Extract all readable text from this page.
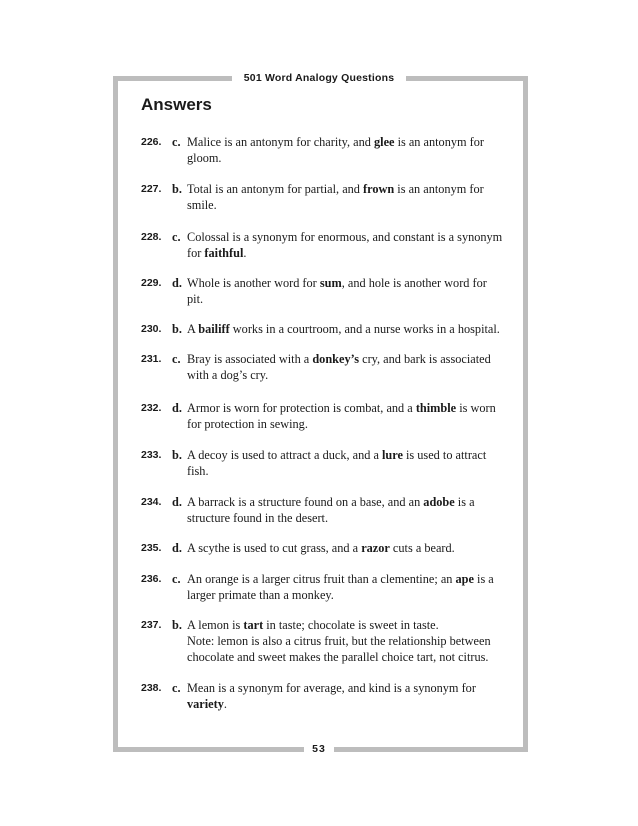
501 Word Analogy Questions
Answers
226. c. Malice is an antonym for charity, and glee is an antonym for
gloom.
227. b. Total is an antonym for partial, and frown is an antonym for
smile.
228. c. Colossal is a synonym for enormous, and constant is a synonym
for faithful.
229. d. Whole is another word for sum, and hole is another word for
pit.
230. b. A bailiff works in a courtroom, and a nurse works in a hospital.
231. c. Bray is associated with a donkey’s cry, and bark is associated
with a dog’s cry.
232. d. Armor is worn for protection is combat, and a thimble is worn
for protection in sewing.
233. b. A decoy is used to attract a duck, and a lure is used to attract
fish.
234. d. A barrack is a structure found on a base, and an adobe is a
structure found in the desert.
235. d. A scythe is used to cut grass, and a razor cuts a beard.
236. c. An orange is a larger citrus fruit than a clementine; an ape is a
larger primate than a monkey.
237. b. A lemon is tart in taste; chocolate is sweet in taste.
Note: lemon is also a citrus fruit, but the relationship between
chocolate and sweet makes the parallel choice tart, not citrus.
238. c. Mean is a synonym for average, and kind is a synonym for
variety.
53
